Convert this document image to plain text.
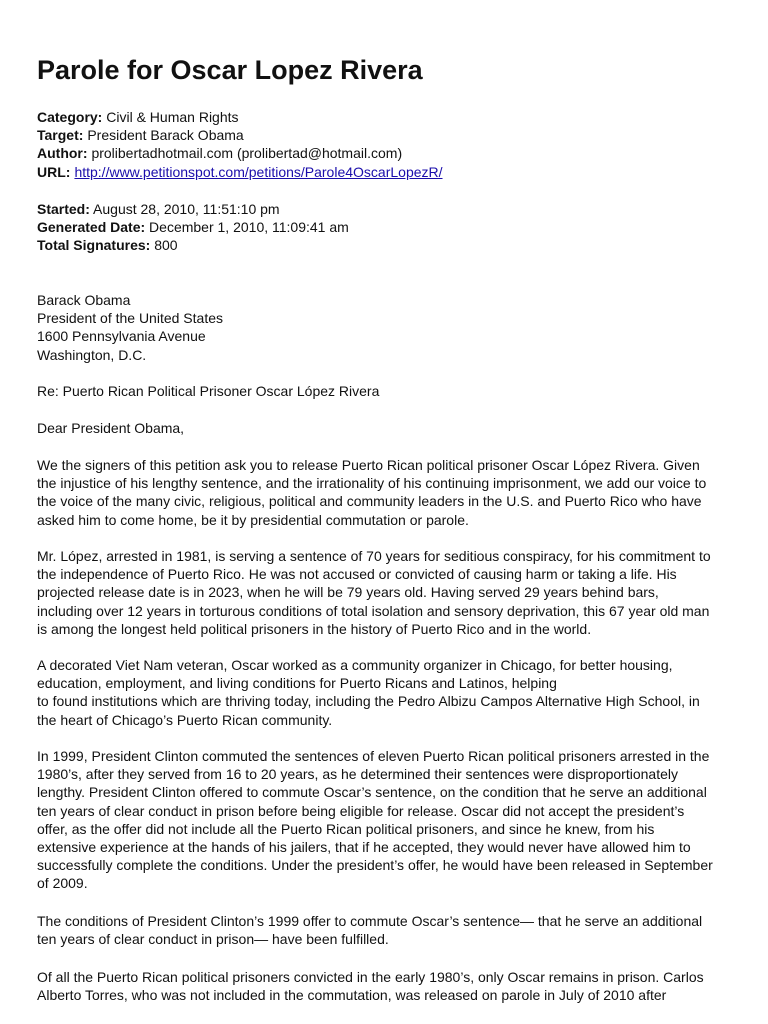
Parole for Oscar Lopez Rivera
Category: Civil & Human Rights
Target: President Barack Obama
Author: prolibertadhotmail.com (prolibertad@hotmail.com)
URL: http://www.petitionspot.com/petitions/Parole4OscarLopezR/
Started: August 28, 2010, 11:51:10 pm
Generated Date: December 1, 2010, 11:09:41 am
Total Signatures: 800
Barack Obama
President of the United States
1600 Pennsylvania Avenue
Washington, D.C.
Re: Puerto Rican Political Prisoner Oscar López Rivera
Dear President Obama,
We the signers of this petition ask you to release Puerto Rican political prisoner Oscar López Rivera. Given
the injustice of his lengthy sentence, and the irrationality of his continuing imprisonment, we add our voice to
the voice of the many civic, religious, political and community leaders in the U.S. and Puerto Rico who have
asked him to come home, be it by presidential commutation or parole.
Mr. López, arrested in 1981, is serving a sentence of 70 years for seditious conspiracy, for his commitment to
the independence of Puerto Rico. He was not accused or convicted of causing harm or taking a life. His
projected release date is in 2023, when he will be 79 years old. Having served 29 years behind bars,
including over 12 years in torturous conditions of total isolation and sensory deprivation, this 67 year old man
is among the longest held political prisoners in the history of Puerto Rico and in the world.
A decorated Viet Nam veteran, Oscar worked as a community organizer in Chicago, for better housing,
education, employment, and living conditions for Puerto Ricans and Latinos, helping
to found institutions which are thriving today, including the Pedro Albizu Campos Alternative High School, in
the heart of Chicago’s Puerto Rican community.
In 1999, President Clinton commuted the sentences of eleven Puerto Rican political prisoners arrested in the
1980’s, after they served from 16 to 20 years, as he determined their sentences were disproportionately
lengthy. President Clinton offered to commute Oscar’s sentence, on the condition that he serve an additional
ten years of clear conduct in prison before being eligible for release. Oscar did not accept the president’s
offer, as the offer did not include all the Puerto Rican political prisoners, and since he knew, from his
extensive experience at the hands of his jailers, that if he accepted, they would never have allowed him to
successfully complete the conditions. Under the president’s offer, he would have been released in September
of 2009.
The conditions of President Clinton’s 1999 offer to commute Oscar’s sentence— that he serve an additional
ten years of clear conduct in prison— have been fulfilled.
Of all the Puerto Rican political prisoners convicted in the early 1980’s, only Oscar remains in prison. Carlos
Alberto Torres, who was not included in the commutation, was released on parole in July of 2010 after
